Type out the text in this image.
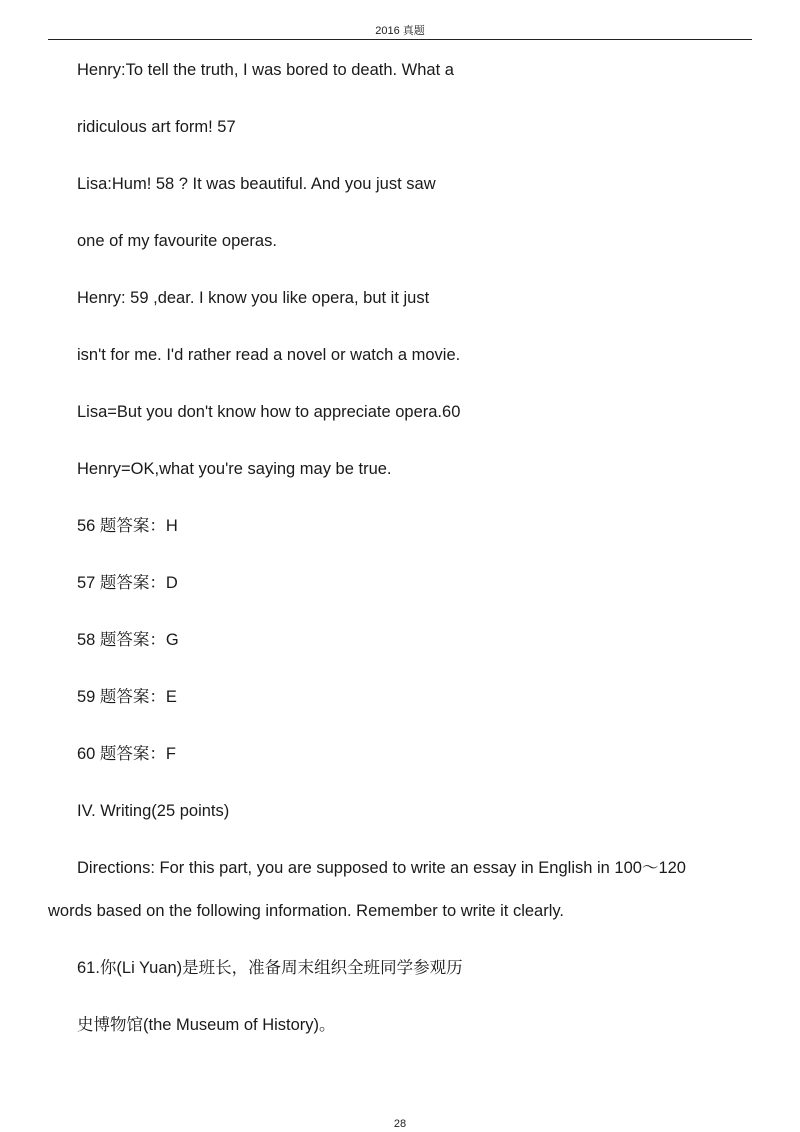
2016 真题
Henry:To tell the truth, I was bored to death. What a
ridiculous art form! 57
Lisa:Hum! 58 ? It was beautiful. And you just saw
one of my favourite operas.
Henry: 59 ,dear. I know you like opera, but it just
isn't for me. I'd rather read a novel or watch a movie.
Lisa=But you don't know how to appreciate opera.60
Henry=OK,what you're saying may be true.
56 题答案：H
57 题答案：D
58 题答案：G
59 题答案：E
60 题答案：F
IV. Writing(25 points)
Directions: For this part, you are supposed to write an essay in English in 100～120
words based on the following information. Remember to write it clearly.
61.你(Li Yuan)是班长，准备周末组织全班同学参观历
史博物馆(the Museum of History)。
28
